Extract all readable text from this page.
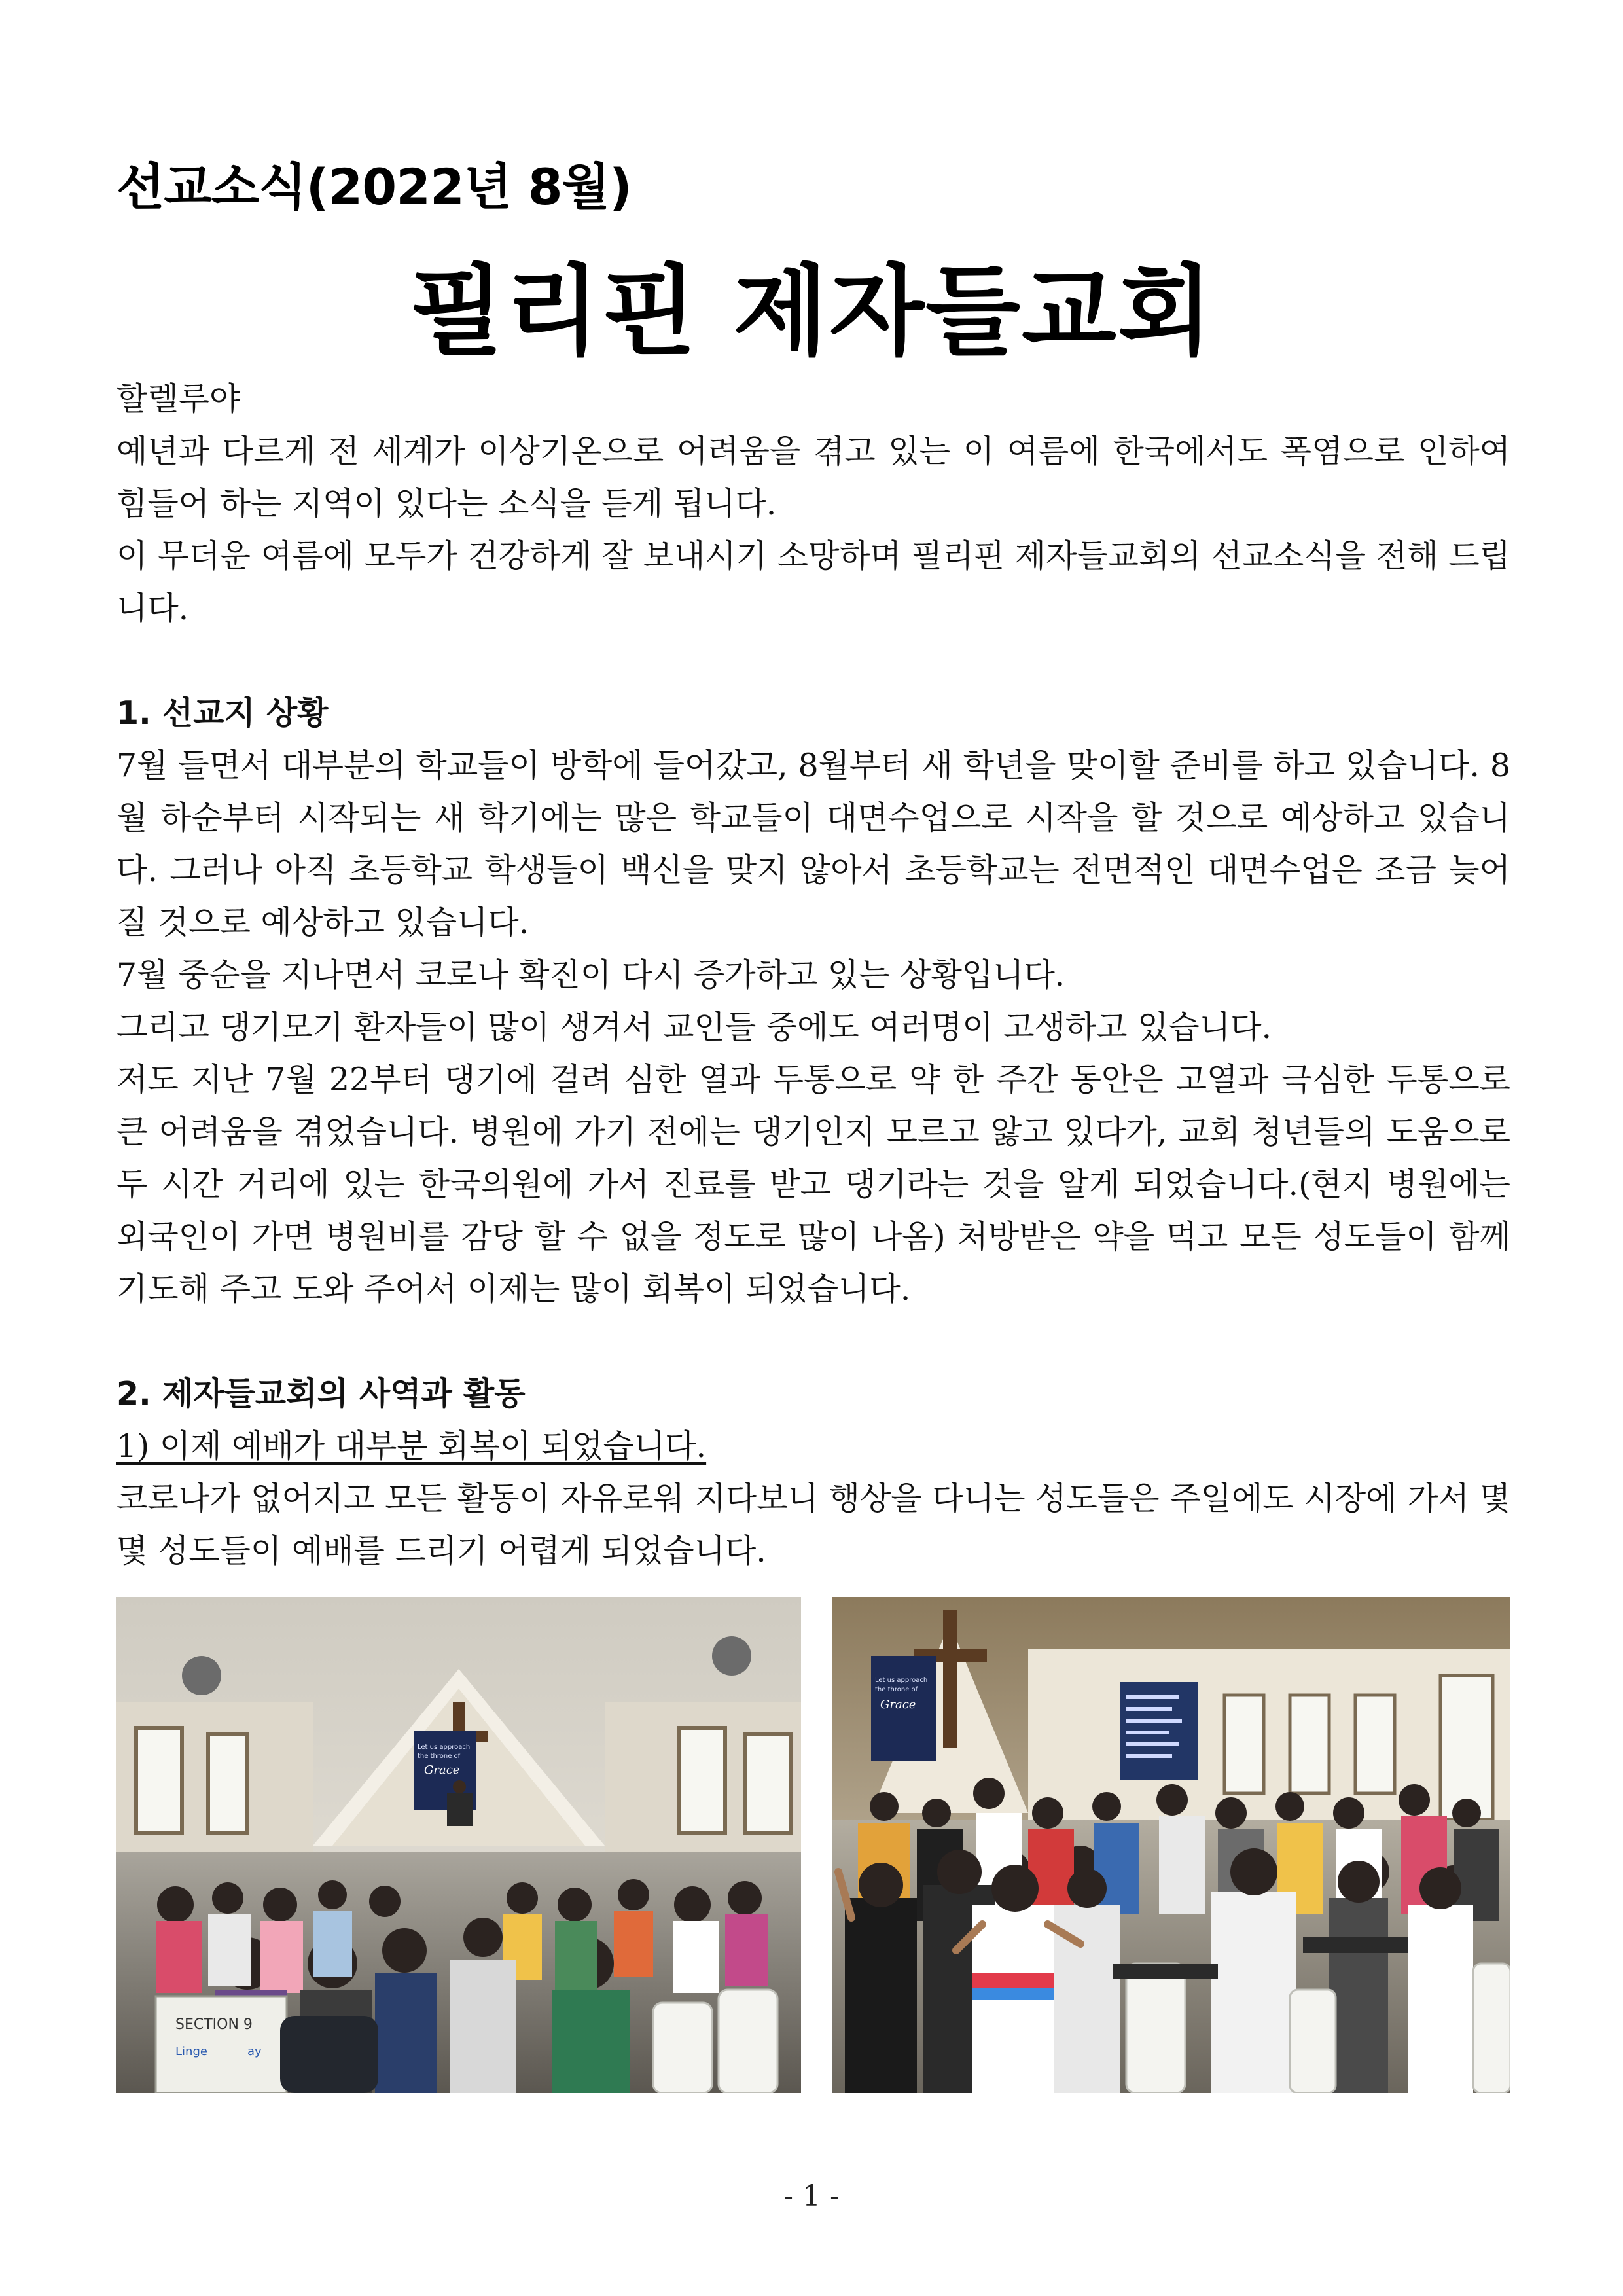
선교소식(2022년 8월)
필리핀 제자들교회

할렐루야

예년과 다르게 전 세계가 이상기온으로 어려움을 겪고 있는 이 여름에 한국에서도 폭염으로 인하여 힘들어 하는 지역이 있다는 소식을 듣게 됩니다.

이 무더운 여름에 모두가 건강하게 잘 보내시기 소망하며 필리핀 제자들교회의 선교소식을 전해 드립니다.

1. 선교지 상황

7월 들면서 대부분의 학교들이 방학에 들어갔고, 8월부터 새 학년을 맞이할 준비를 하고 있습니다. 8월 하순부터 시작되는 새 학기에는 많은 학교들이 대면수업으로 시작을 할 것으로 예상하고 있습니다. 그러나 아직 초등학교 학생들이 백신을 맞지 않아서 초등학교는 전면적인 대면수업은 조금 늦어 질 것으로 예상하고 있습니다.

7월 중순을 지나면서 코로나 확진이 다시 증가하고 있는 상황입니다.

그리고 댕기모기 환자들이 많이 생겨서 교인들 중에도 여러명이 고생하고 있습니다.

저도 지난 7월 22부터 댕기에 걸려 심한 열과 두통으로 약 한 주간 동안은 고열과 극심한 두통으로 큰 어려움을 겪었습니다. 병원에 가기 전에는 댕기인지 모르고 앓고 있다가, 교회 청년들의 도움으로 두 시간 거리에 있는 한국의원에 가서 진료를 받고 댕기라는 것을 알게 되었습니다.(현지 병원에는 외국인이 가면 병원비를 감당 할 수 없을 정도로 많이 나옴) 처방받은 약을 먹고 모든 성도들이 함께 기도해 주고 도와 주어서 이제는 많이 회복이 되었습니다.

2. 제자들교회의 사역과 활동

1) 이제 예배가 대부분 회복이 되었습니다.

코로나가 없어지고 모든 활동이 자유로워 지다보니 행상을 다니는 성도들은 주일에도 시장에 가서 몇 몇 성도들이 예배를 드리기 어렵게 되었습니다.

Let us approach
the throne of
Grace
SECTION 9
Linge	ay
Let us approach
the throne of
Grace
- 1 -
